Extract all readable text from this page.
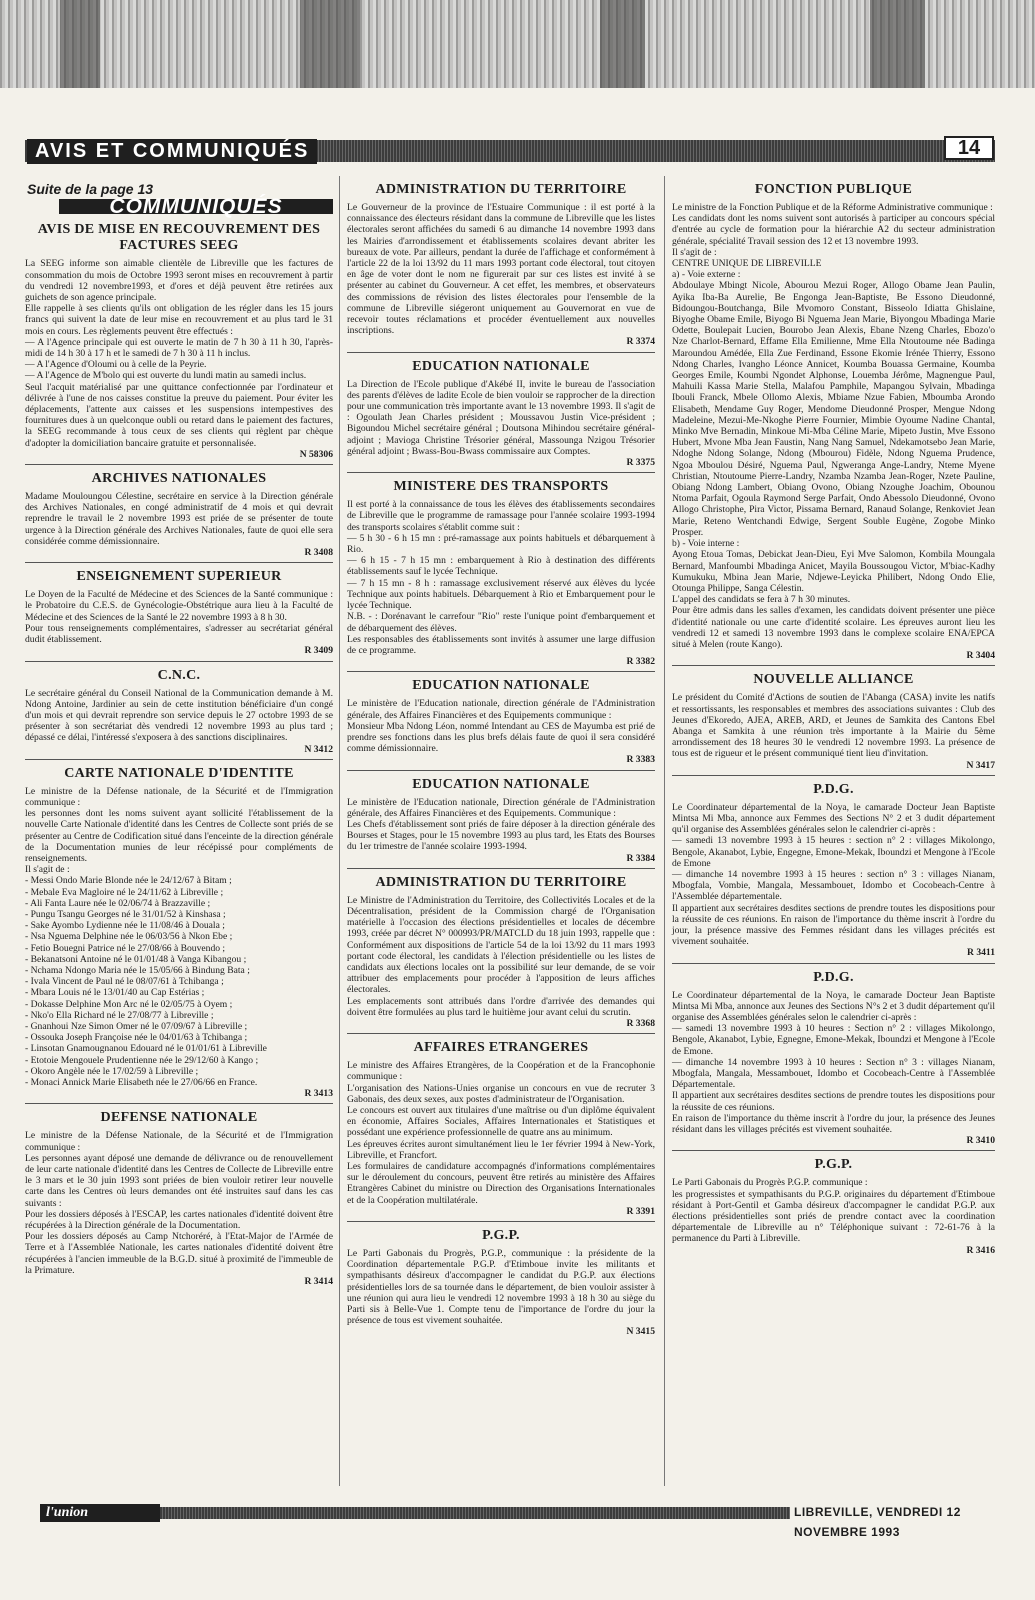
AVIS ET COMMUNIQUÉS	14
Suite de la page 13
COMMUNIQUÉS
AVIS DE MISE EN RECOUVREMENT DES FACTURES SEEG

La SEEG informe son aimable clientèle de Libreville que les factures de consommation du mois de Octobre 1993 seront mises en recouvrement à partir du vendredi 12 novembre1993, et d'ores et déjà peuvent être retirées aux guichets de son agence principale.

Elle rappelle à ses clients qu'ils ont obligation de les régler dans les 15 jours francs qui suivent la date de leur mise en recouvrement et au plus tard le 31 mois en cours. Les règlements peuvent être effectués :

— A l'Agence principale qui est ouverte le matin de 7 h 30 à 11 h 30, l'après-midi de 14 h 30 à 17 h et le samedi de 7 h 30 à 11 h inclus.

— A l'Agence d'Oloumi ou à celle de la Peyrie.

— A l'Agence de M'bolo qui est ouverte du lundi matin au samedi inclus.

Seul l'acquit matérialisé par une quittance confectionnée par l'ordinateur et délivrée à l'une de nos caisses constitue la preuve du paiement. Pour éviter les déplacements, l'attente aux caisses et les suspensions intempestives des fournitures dues à un quelconque oubli ou retard dans le paiement des factures, la SEEG recommande à tous ceux de ses clients qui règlent par chèque d'adopter la domiciliation bancaire gratuite et personnalisée.

N 58306
ARCHIVES NATIONALES

Madame Mouloungou Célestine, secrétaire en service à la Direction générale des Archives Nationales, en congé administratif de 4 mois et qui devrait reprendre le travail le 2 novembre 1993 est priée de se présenter de toute urgence à la Direction générale des Archives Nationales, faute de quoi elle sera considérée comme démissionnaire.

R 3408
ENSEIGNEMENT SUPERIEUR

Le Doyen de la Faculté de Médecine et des Sciences de la Santé communique : le Probatoire du C.E.S. de Gynécologie-Obstétrique aura lieu à la Faculté de Médecine et des Sciences de la Santé le 22 novembre 1993 à 8 h 30.

Pour tous renseignements complémentaires, s'adresser au secrétariat général dudit établissement.

R 3409
C.N.C.

Le secrétaire général du Conseil National de la Communication demande à M. Ndong Antoine, Jardinier au sein de cette institution bénéficiaire d'un congé d'un mois et qui devrait reprendre son service depuis le 27 octobre 1993 de se présenter à son secrétariat dès vendredi 12 novembre 1993 au plus tard ; dépassé ce délai, l'intéressé s'exposera à des sanctions disciplinaires.

N 3412
CARTE NATIONALE D'IDENTITE

Le ministre de la Défense nationale, de la Sécurité et de l'Immigration communique :

les personnes dont les noms suivent ayant sollicité l'établissement de la nouvelle Carte Nationale d'identité dans les Centres de Collecte sont priés de se présenter au Centre de Codification situé dans l'enceinte de la direction générale de la Documentation munies de leur récépissé pour compléments de renseignements.

Il s'agit de :

- Messi Ondo Marie Blonde née le 24/12/67 à Bitam ;

- Mebale Eva Magloire né le 24/11/62 à Libreville ;

- Ali Fanta Laure née le 02/06/74 à Brazzaville ;

- Pungu Tsangu Georges né le 31/01/52 à Kinshasa ;

- Sake Ayombo Lydienne née le 11/08/46 à Douala ;

- Nsa Nguema Delphine née le 06/03/56 à Nkon Ebe ;

- Fetio Bouegni Patrice né le 27/08/66 à Bouvendo ;

- Bekanatsoni Antoine né le 01/01/48 à Vanga Kibangou ;

- Nchama Ndongo Maria née le 15/05/66 à Bindung Bata ;

- Ivala Vincent de Paul né le 08/07/61 à Tchibanga ;

- Mbara Louis né le 13/01/40 au Cap Estérias ;

- Dokasse Delphine Mon Arc né le 02/05/75 à Oyem ;

- Nko'o Ella Richard né le 27/08/77 à Libreville ;

- Gnanhoui Nze Simon Omer né le 07/09/67 à Libreville ;

- Ossouka Joseph Françoise née le 04/01/63 à Tchibanga ;

- Linsotan Gnamougnanou Edouard né le 01/01/61 à Libreville

- Etotoie Mengouele Prudentienne née le 29/12/60 à Kango ;

- Okoro Angèle née le 17/02/59 à Libreville ;

- Monaci Annick Marie Elisabeth née le 27/06/66 en France.

R 3413
DEFENSE NATIONALE

Le ministre de la Défense Nationale, de la Sécurité et de l'Immigration communique :

Les personnes ayant déposé une demande de délivrance ou de renouvellement de leur carte nationale d'identité dans les Centres de Collecte de Libreville entre le 3 mars et le 30 juin 1993 sont priées de bien vouloir retirer leur nouvelle carte dans les Centres où leurs demandes ont été instruites sauf dans les cas suivants :

Pour les dossiers déposés à l'ESCAP, les cartes nationales d'identité doivent être récupérées à la Direction générale de la Documentation.

Pour les dossiers déposés au Camp Ntchoréré, à l'Etat-Major de l'Armée de Terre et à l'Assemblée Nationale, les cartes nationales d'identité doivent être récupérées à l'ancien immeuble de la B.G.D. situé à proximité de l'immeuble de la Primature.

R 3414
ADMINISTRATION DU TERRITOIRE

Le Gouverneur de la province de l'Estuaire Communique : il est porté à la connaissance des électeurs résidant dans la commune de Libreville que les listes électorales seront affichées du samedi 6 au dimanche 14 novembre 1993 dans les Mairies d'arrondissement et établissements scolaires devant abriter les bureaux de vote. Par ailleurs, pendant la durée de l'affichage et conformément à l'article 22 de la loi 13/92 du 11 mars 1993 portant code électoral, tout citoyen en âge de voter dont le nom ne figurerait par sur ces listes est invité à se présenter au cabinet du Gouverneur. A cet effet, les membres, et observateurs des commissions de révision des listes électorales pour l'ensemble de la commune de Libreville siégeront uniquement au Gouvernorat en vue de recevoir toutes réclamations et procéder éventuellement aux nouvelles inscriptions.

R 3374
EDUCATION NATIONALE

La Direction de l'Ecole publique d'Akébé II, invite le bureau de l'association des parents d'élèves de ladite Ecole de bien vouloir se rapprocher de la direction pour une communication très importante avant le 13 novembre 1993. Il s'agit de : Ogoulath Jean Charles président ; Moussavou Justin Vice-président ; Bigoundou Michel secrétaire général ; Doutsona Mihindou secrétaire général-adjoint ; Mavioga Christine Trésorier général, Massounga Nzigou Trésorier général adjoint ; Bwass-Bou-Bwass commissaire aux Comptes.

R 3375
MINISTERE DES TRANSPORTS

Il est porté à la connaissance de tous les élèves des établissements secondaires de Libreville que le programme de ramassage pour l'année scolaire 1993-1994 des transports scolaires s'établit comme suit :

— 5 h 30 - 6 h 15 mn : pré-ramassage aux points habituels et débarquement à Rio.

— 6 h 15 - 7 h 15 mn : embarquement à Rio à destination des différents établissements sauf le lycée Technique.

— 7 h 15 mn - 8 h : ramassage exclusivement réservé aux élèves du lycée Technique aux points habituels. Débarquement à Rio et Embarquement pour le lycée Technique.

N.B. - : Dorénavant le carrefour "Rio" reste l'unique point d'embarquement et de débarquement des élèves.

Les responsables des établissements sont invités à assumer une large diffusion de ce programme.

R 3382
EDUCATION NATIONALE

Le ministère de l'Education nationale, direction générale de l'Administration générale, des Affaires Financières et des Equipements communique :

Monsieur Mba Ndong Léon, nommé Intendant au CES de Mayumba est prié de prendre ses fonctions dans les plus brefs délais faute de quoi il sera considéré comme démissionnaire.

R 3383
EDUCATION NATIONALE

Le ministère de l'Education nationale, Direction générale de l'Administration générale, des Affaires Financières et des Equipements. Communique :

Les Chefs d'établissement sont priés de faire déposer à la direction générale des Bourses et Stages, pour le 15 novembre 1993 au plus tard, les Etats des Bourses du 1er trimestre de l'année scolaire 1993-1994.

R 3384
ADMINISTRATION DU TERRITOIRE

Le Ministre de l'Administration du Territoire, des Collectivités Locales et de la Décentralisation, président de la Commission chargé de l'Organisation matérielle à l'occasion des élections présidentielles et locales de décembre 1993, créée par décret N° 000993/PR/MATCLD du 18 juin 1993, rappelle que : Conformément aux dispositions de l'article 54 de la loi 13/92 du 11 mars 1993 portant code électoral, les candidats à l'élection présidentielle ou les listes de candidats aux élections locales ont la possibilité sur leur demande, de se voir attribuer des emplacements pour procéder à l'apposition de leurs affiches électorales.

Les emplacements sont attribués dans l'ordre d'arrivée des demandes qui doivent être formulées au plus tard le huitième jour avant celui du scrutin.

R 3368
AFFAIRES ETRANGERES

Le ministre des Affaires Etrangères, de la Coopération et de la Francophonie communique :

L'organisation des Nations-Unies organise un concours en vue de recruter 3 Gabonais, des deux sexes, aux postes d'administrateur de l'Organisation.

Le concours est ouvert aux titulaires d'une maîtrise ou d'un diplôme équivalent en économie, Affaires Sociales, Affaires Internationales et Statistiques et possédant une expérience professionnelle de quatre ans au minimum.

Les épreuves écrites auront simultanément lieu le 1er février 1994 à New-York, Libreville, et Francfort.

Les formulaires de candidature accompagnés d'informations complémentaires sur le déroulement du concours, peuvent être retirés au ministère des Affaires Etrangères Cabinet du ministre ou Direction des Organisations Internationales et de la Coopération multilatérale.

R 3391
P.G.P.

Le Parti Gabonais du Progrès, P.G.P., communique : la présidente de la Coordination départementale P.G.P. d'Etimboue invite les militants et sympathisants désireux d'accompagner le candidat du P.G.P. aux élections présidentielles lors de sa tournée dans le département, de bien vouloir assister à une réunion qui aura lieu le vendredi 12 novembre 1993 à 18 h 30 au siège du Parti sis à Belle-Vue 1. Compte tenu de l'importance de l'ordre du jour la présence de tous est vivement souhaitée.

N 3415
FONCTION PUBLIQUE

Le ministre de la Fonction Publique et de la Réforme Administrative communique :

Les candidats dont les noms suivent sont autorisés à participer au concours spécial d'entrée au cycle de formation pour la hiérarchie A2 du secteur administration générale, spécialité Travail session des 12 et 13 novembre 1993.

Il s'agit de :

CENTRE UNIQUE DE LIBREVILLE

a) - Voie externe :

Abdoulaye Mbingt Nicole, Abourou Mezui Roger, Allogo Obame Jean Paulin, Ayika Iba-Ba Aurelie, Be Engonga Jean-Baptiste, Be Essono Dieudonné, Bidoungou-Boutchanga, Bile Mvomoro Constant, Bisseolo Idiatta Ghislaine, Biyoghe Obame Emile, Biyogo Bi Nguema Jean Marie, Biyongou Mbadinga Marie Odette, Boulepait Lucien, Bourobo Jean Alexis, Ebane Nzeng Charles, Ebozo'o Nze Charlot-Bernard, Effame Ella Emilienne, Mme Ella Ntoutoume née Badinga Maroundou Amédée, Ella Zue Ferdinand, Essone Ekomie Irénée Thierry, Essono Ndong Charles, Ivangho Léonce Annicet, Koumba Bouassa Germaine, Koumba Georges Emile, Koumbi Ngondet Alphonse, Louemba Jérôme, Magnengue Paul, Mahuili Kassa Marie Stella, Malafou Pamphile, Mapangou Sylvain, Mbadinga Ibouli Franck, Mbele Ollomo Alexis, Mbiame Nzue Fabien, Mboumba Arondo Elisabeth, Mendame Guy Roger, Mendome Dieudonné Prosper, Mengue Ndong Madeleine, Mezui-Me-Nkoghe Pierre Fournier, Mimbie Oyoume Nadine Chantal, Minko Mve Bernadin, Minkoue Mi-Mba Céline Marie, Mipeto Justin, Mve Essono Hubert, Mvone Mba Jean Faustin, Nang Nang Samuel, Ndekamotsebo Jean Marie, Ndoghe Ndong Solange, Ndong (Mbourou) Fidèle, Ndong Nguema Prudence, Ngoa Mboulou Désiré, Nguema Paul, Ngweranga Ange-Landry, Nteme Myene Christian, Ntoutoume Pierre-Landry, Nzamba Nzamba Jean-Roger, Nzete Pauline, Obiang Ndong Lambert, Obiang Ovono, Obiang Nzoughe Joachim, Obounou Ntoma Parfait, Ogoula Raymond Serge Parfait, Ondo Abessolo Dieudonné, Ovono Allogo Christophe, Pira Victor, Pissama Bernard, Ranaud Solange, Renkoviet Jean Marie, Reteno Wentchandi Edwige, Sergent Souble Eugène, Zogobe Minko Prosper.

b) - Voie interne :

Ayong Etoua Tomas, Debickat Jean-Dieu, Eyi Mve Salomon, Kombila Moungala Bernard, Manfoumbi Mbadinga Anicet, Mayila Boussougou Victor, M'biac-Kadhy Kumukuku, Mbina Jean Marie, Ndjewe-Leyicka Philibert, Ndong Ondo Elie, Otounga Philippe, Sanga Célestin.

L'appel des candidats se fera à 7 h 30 minutes.

Pour être admis dans les salles d'examen, les candidats doivent présenter une pièce d'identité nationale ou une carte d'identité scolaire. Les épreuves auront lieu les vendredi 12 et samedi 13 novembre 1993 dans le complexe scolaire ENA/EPCA situé à Melen (route Kango).

R 3404
NOUVELLE ALLIANCE

Le président du Comité d'Actions de soutien de l'Abanga (CASA) invite les natifs et ressortissants, les responsables et membres des associations suivantes : Club des Jeunes d'Ekoredo, AJEA, AREB, ARD, et Jeunes de Samkita des Cantons Ebel Abanga et Samkita à une réunion très importante à la Mairie du 5ème arrondissement des 18 heures 30 le vendredi 12 novembre 1993. La présence de tous est de rigueur et le présent communiqué tient lieu d'invitation.

N 3417
P.D.G.

Le Coordinateur départemental de la Noya, le camarade Docteur Jean Baptiste Mintsa Mi Mba, annonce aux Femmes des Sections N° 2 et 3 dudit département qu'il organise des Assemblées générales selon le calendrier ci-après :

— samedi 13 novembre 1993 à 15 heures : section n° 2 : villages Mikolongo, Bengole, Akanabot, Lybie, Engegne, Emone-Mekak, Iboundzi et Mengone à l'Ecole de Emone

— dimanche 14 novembre 1993 à 15 heures : section n° 3 : villages Nianam, Mbogfala, Vombie, Mangala, Messambouet, Idombo et Cocobeach-Centre à l'Assemblée départementale.

Il appartient aux secrétaires desdites sections de prendre toutes les dispositions pour la réussite de ces réunions. En raison de l'importance du thème inscrit à l'ordre du jour, la présence massive des Femmes résidant dans les villages précités est vivement souhaitée.

R 3411
P.D.G.

Le Coordinateur départemental de la Noya, le camarade Docteur Jean Baptiste Mintsa Mi Mba, annonce aux Jeunes des Sections N°s 2 et 3 dudit département qu'il organise des Assemblées générales selon le calendrier ci-après :

— samedi 13 novembre 1993 à 10 heures : Section n° 2 : villages Mikolongo, Bengole, Akanabot, Lybie, Egnegne, Emone-Mekak, Iboundzi et Mengone à l'Ecole de Emone.

— dimanche 14 novembre 1993 à 10 heures : Section n° 3 : villages Nianam, Mbogfala, Mangala, Messambouet, Idombo et Cocobeach-Centre à l'Assemblée Départementale.

Il appartient aux secrétaires desdites sections de prendre toutes les dispositions pour la réussite de ces réunions.

En raison de l'importance du thème inscrit à l'ordre du jour, la présence des Jeunes résidant dans les villages précités est vivement souhaitée.

R 3410
P.G.P.

Le Parti Gabonais du Progrès P.G.P. communique :

les progressistes et sympathisants du P.G.P. originaires du département d'Etimboue résidant à Port-Gentil et Gamba désireux d'accompagner le candidat P.G.P. aux élections présidentielles sont priés de prendre contact avec la coordination départementale de Libreville au n° Téléphonique suivant : 72-61-76 à la permanence du Parti à Libreville.

R 3416
l'union	LIBREVILLE, VENDREDI 12 NOVEMBRE 1993
